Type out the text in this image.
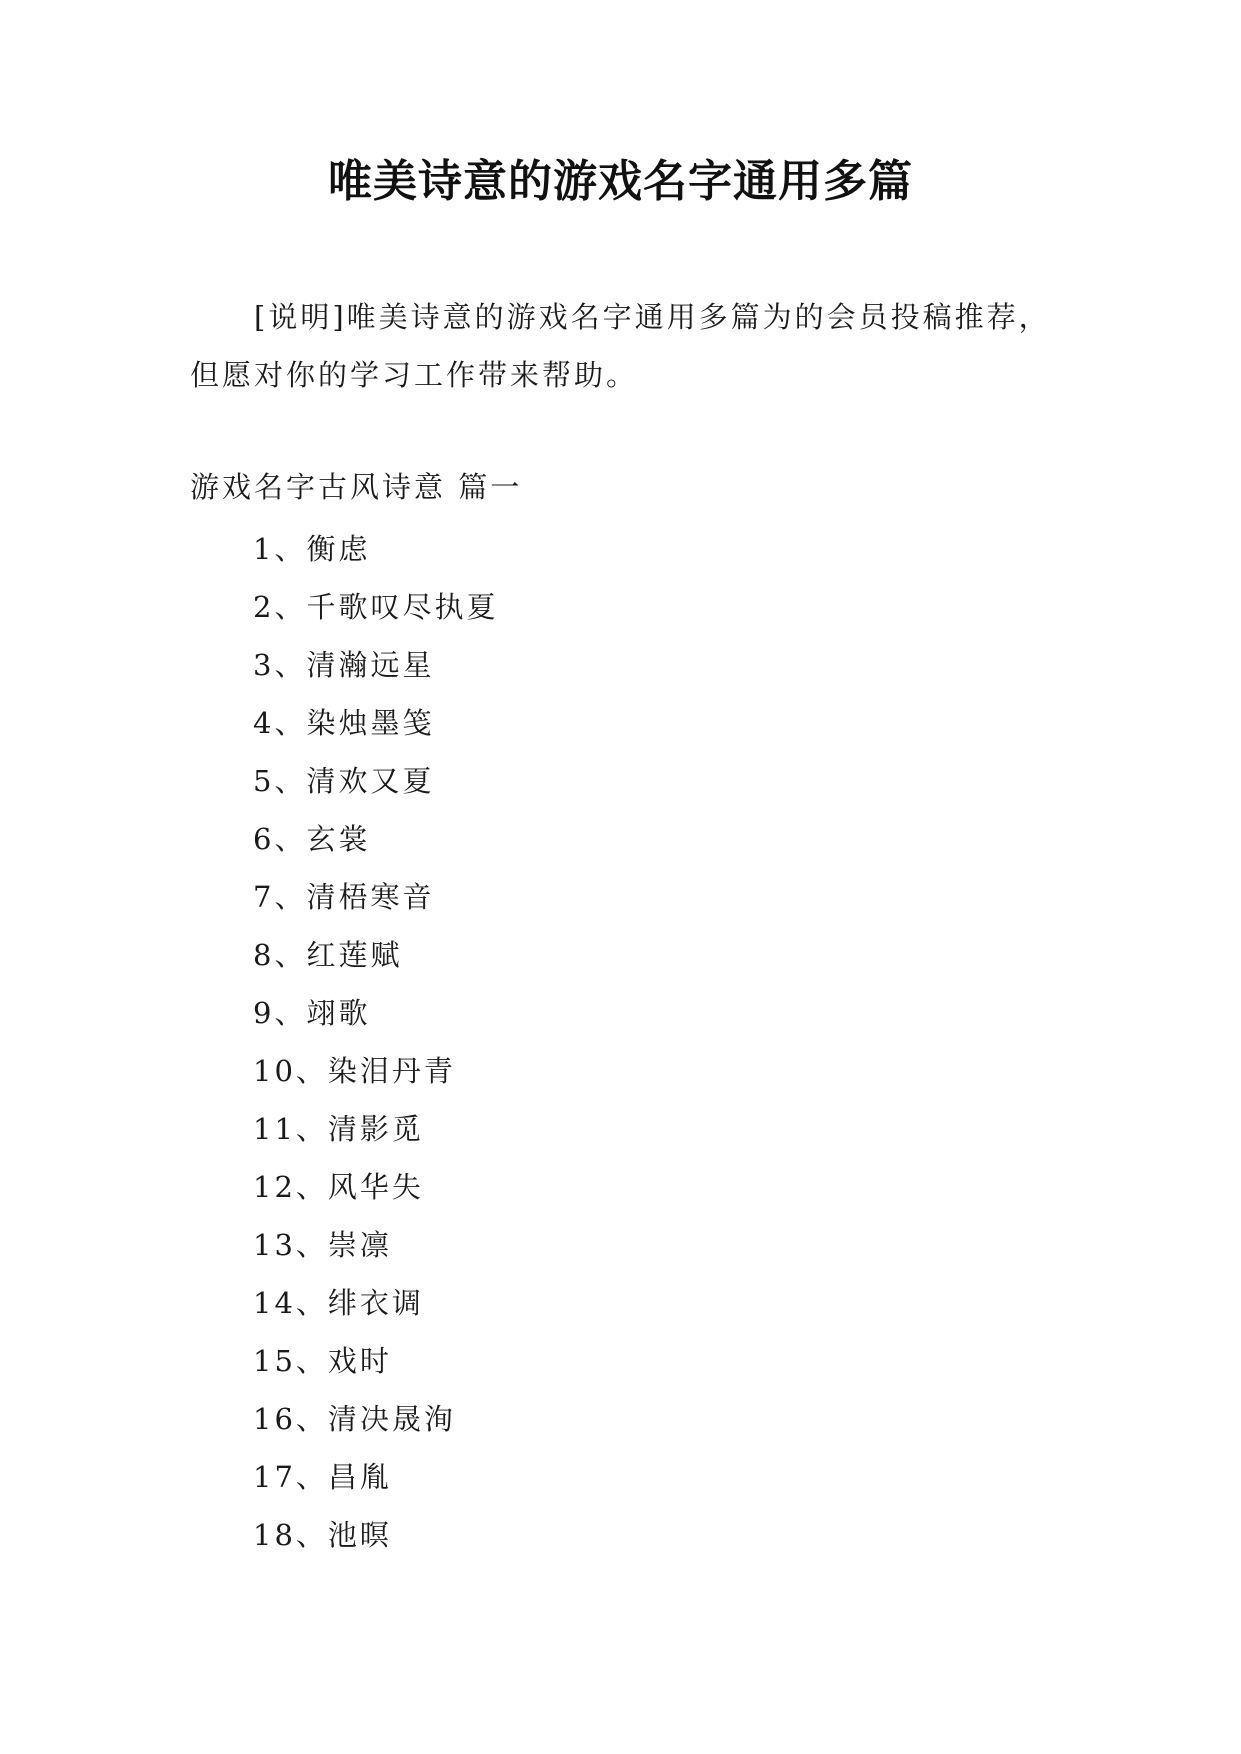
唯美诗意的游戏名字通用多篇

[说明]唯美诗意的游戏名字通用多篇为的会员投稿推荐，
但愿对你的学习工作带来帮助。

游戏名字古风诗意 篇一
1、衡虑
2、千歌叹尽执夏
3、清瀚远星
4、染烛墨笺
5、清欢又夏
6、玄裳
7、清梧寒音
8、红莲赋
9、翊歌
10、染泪丹青
11、清影觅
12、风华失
13、崇凛
14、绯衣调
15、戏时
16、清决晟洵
17、昌胤
18、池暝
